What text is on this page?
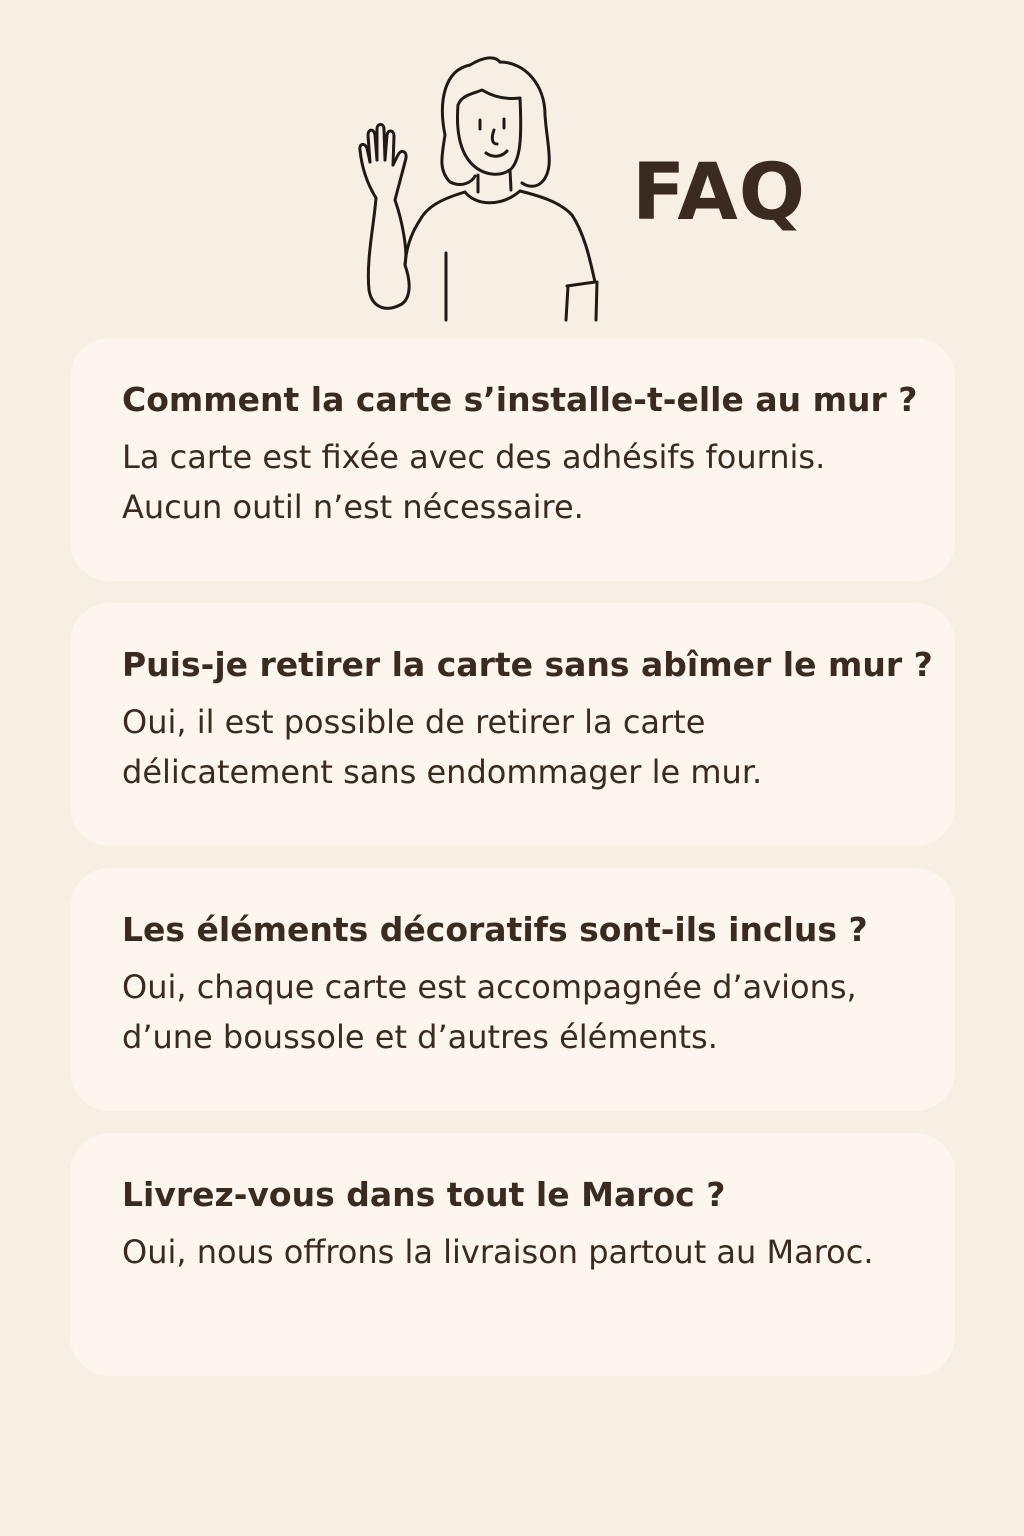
FAQ

Comment la carte s’installe-t-elle au mur ?

La carte est fixée avec des adhésifs fournis. Aucun outil n’est nécessaire.

Puis-je retirer la carte sans abîmer le mur ?

Oui, il est possible de retirer la carte délicatement sans endommager le mur.

Les éléments décoratifs sont-ils inclus ?

Oui, chaque carte est accompagnée d’avions, d’une boussole et d’autres éléments.

Livrez-vous dans tout le Maroc ?

Oui, nous offrons la livraison partout au Maroc.
